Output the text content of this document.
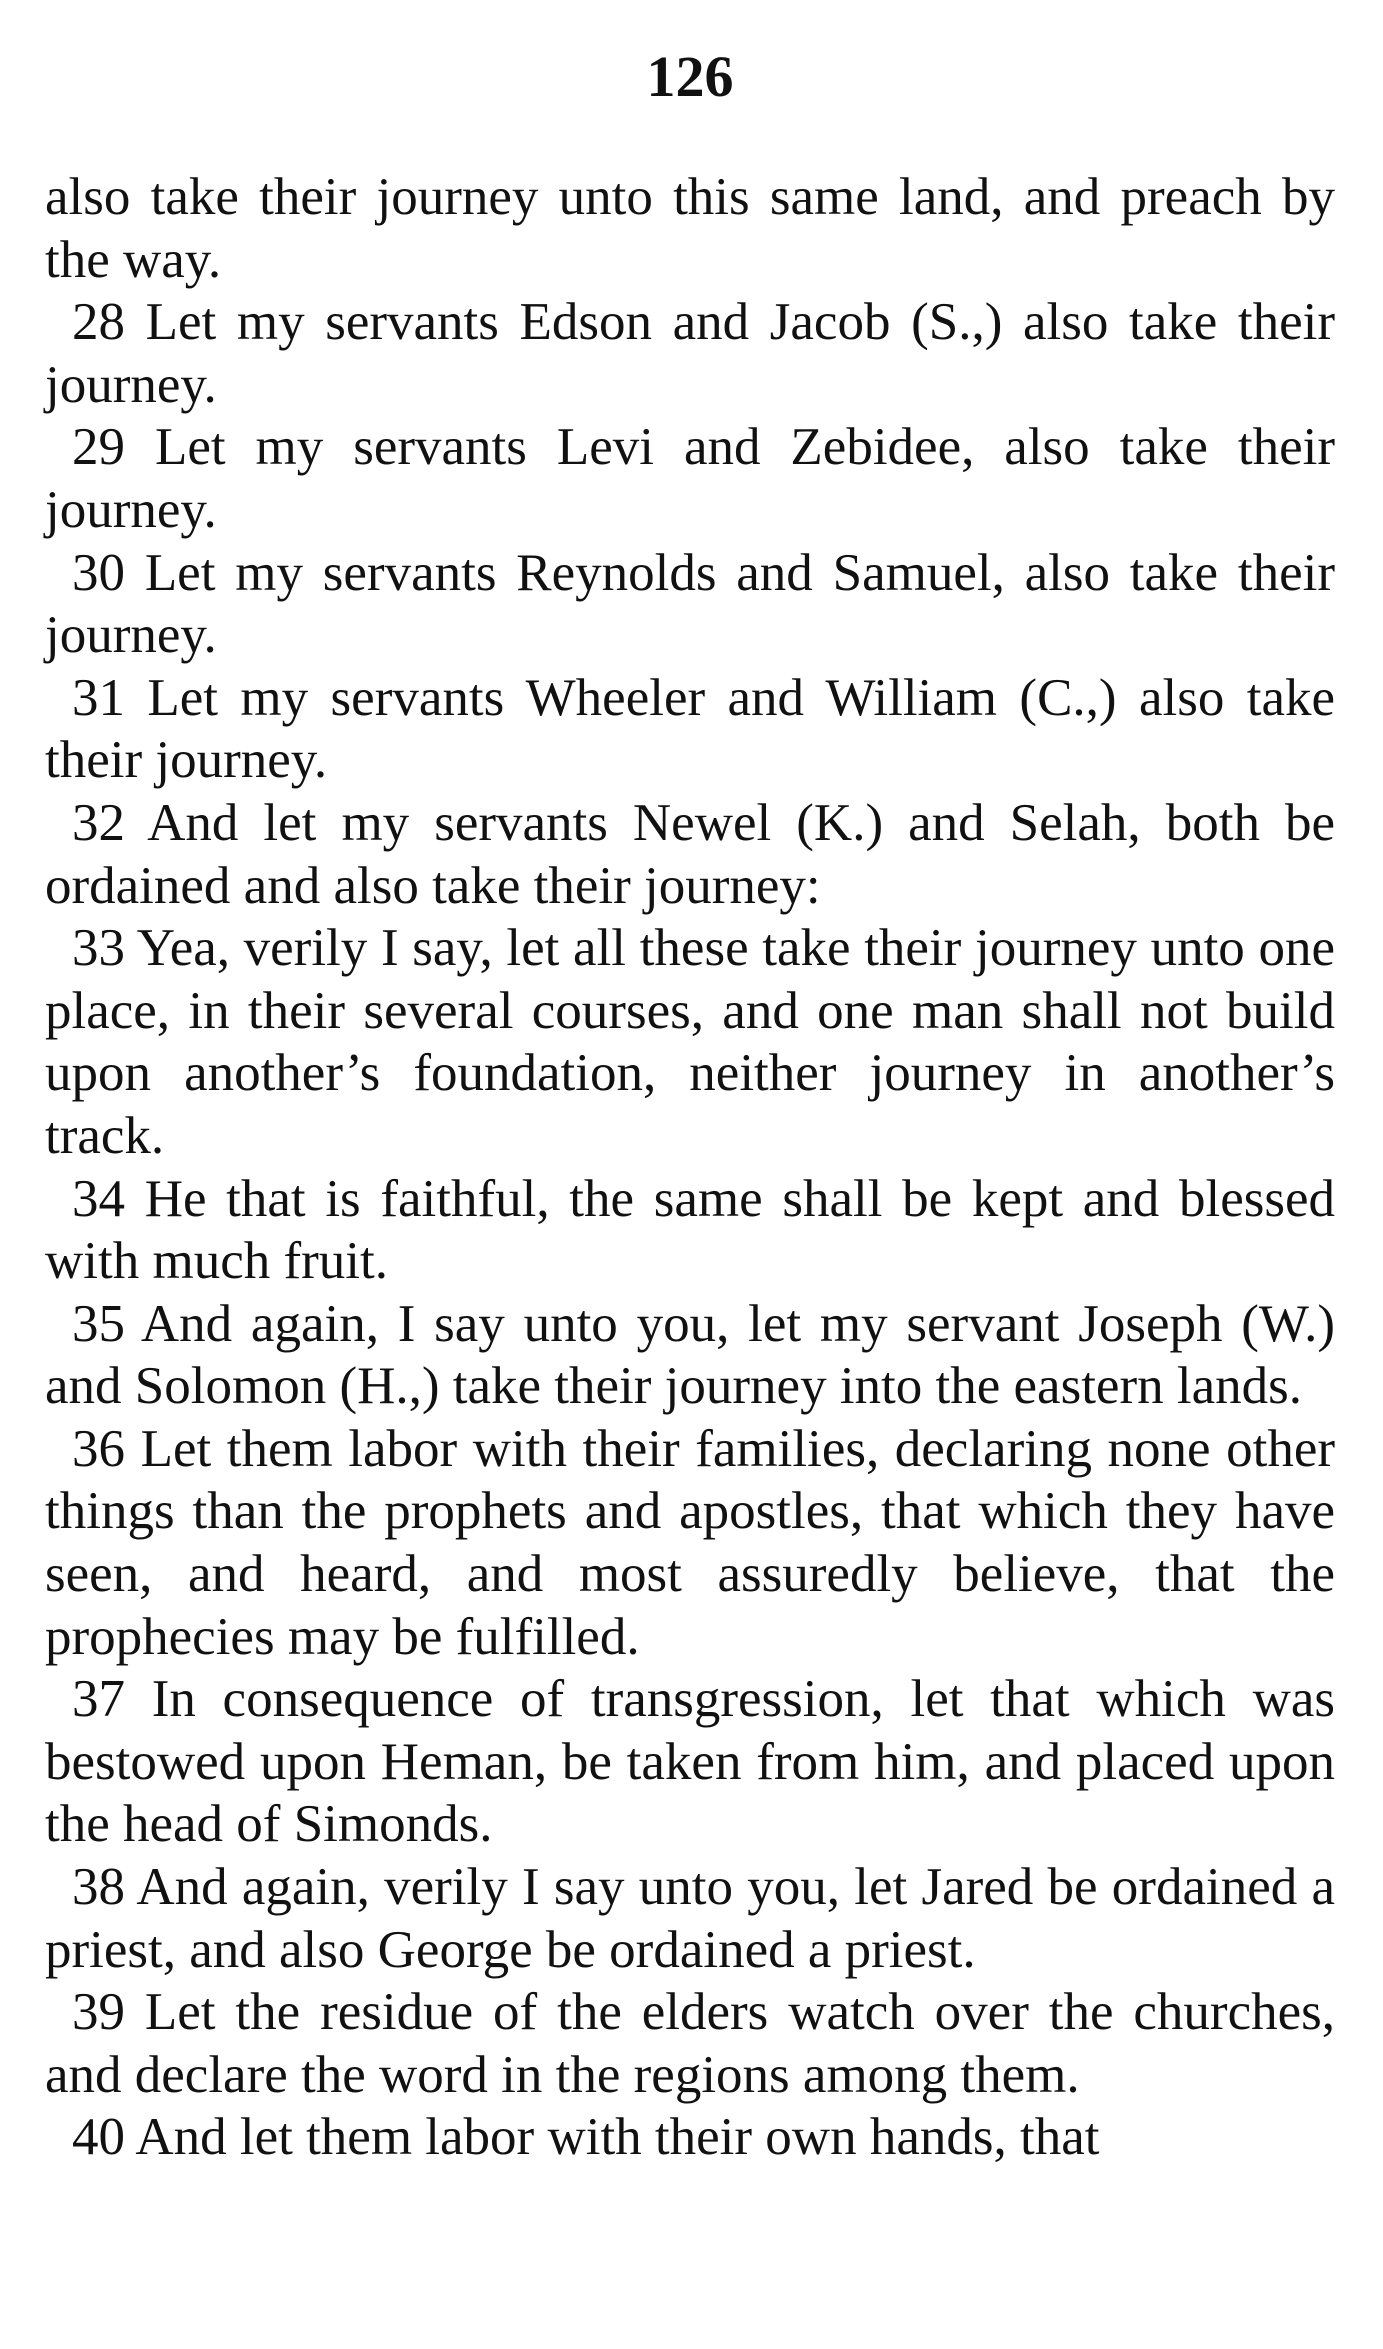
126

also take their journey unto this same land, and preach by the way.

28 Let my servants Edson and Jacob (S.,) also take their journey.

29 Let my servants Levi and Zebidee, also take their journey.

30 Let my servants Reynolds and Samuel, also take their journey.

31 Let my servants Wheeler and William (C.,) also take their journey.

32 And let my servants Newel (K.) and Selah, both be ordained and also take their journey:

33 Yea, verily I say, let all these take their journey unto one place, in their several courses, and one man shall not build upon another’s foundation, neither journey in another’s track.

34 He that is faithful, the same shall be kept and blessed with much fruit.

35 And again, I say unto you, let my servant Joseph (W.) and Solomon (H.,) take their journey into the eastern lands.

36 Let them labor with their families, declaring none other things than the prophets and apostles, that which they have seen, and heard, and most assuredly believe, that the prophecies may be fulfilled.

37 In consequence of transgression, let that which was bestowed upon Heman, be taken from him, and placed upon the head of Simonds.

38 And again, verily I say unto you, let Jared be ordained a priest, and also George be ordained a priest.

39 Let the residue of the elders watch over the churches, and declare the word in the regions among them.

40 And let them labor with their own hands, that
